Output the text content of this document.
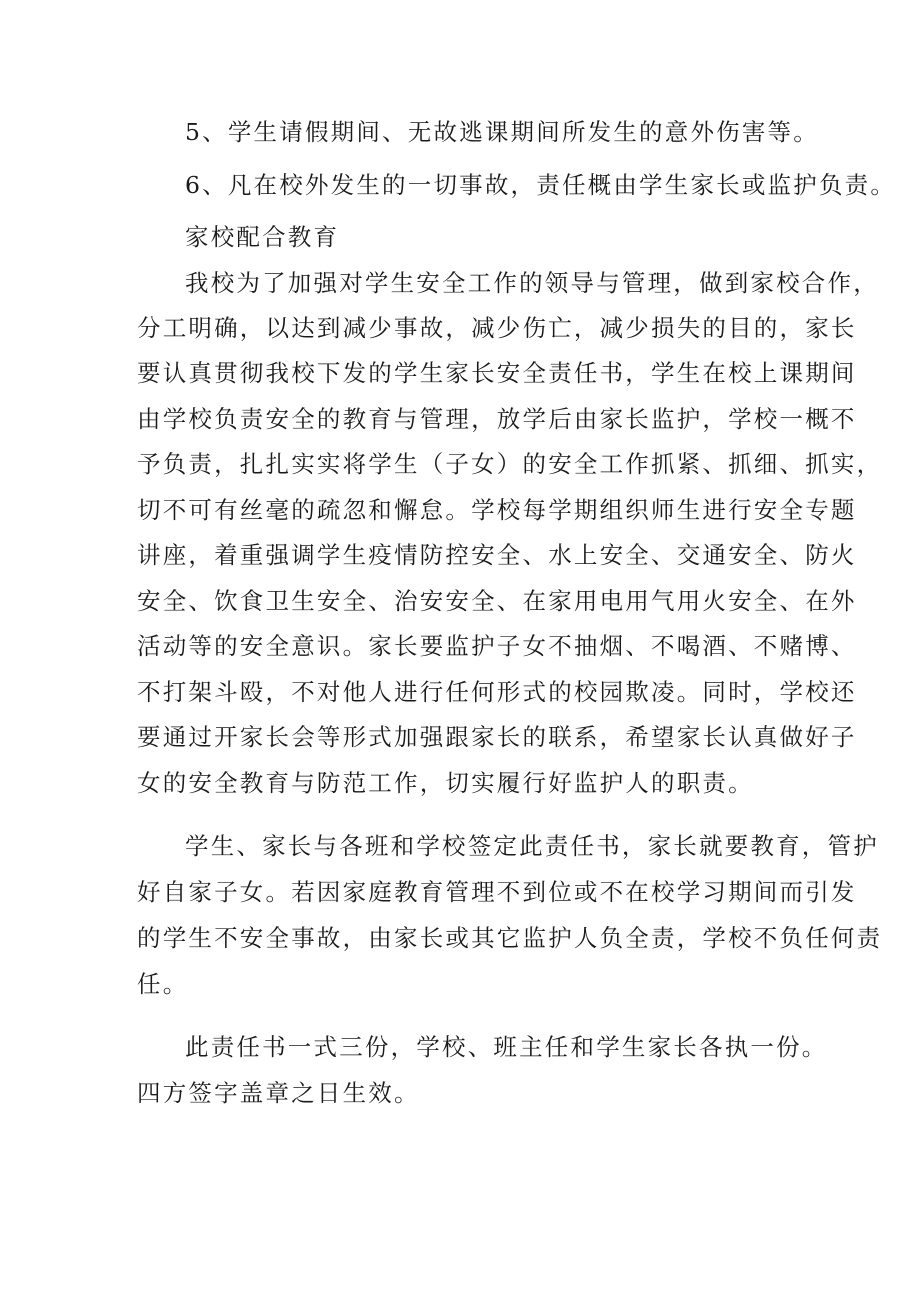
5、学生请假期间、无故逃课期间所发生的意外伤害等。
6、凡在校外发生的一切事故，责任概由学生家长或监护负责。
家校配合教育
我校为了加强对学生安全工作的领导与管理，做到家校合作，
分工明确，以达到减少事故，减少伤亡，减少损失的目的，家长
要认真贯彻我校下发的学生家长安全责任书，学生在校上课期间
由学校负责安全的教育与管理，放学后由家长监护，学校一概不
予负责，扎扎实实将学生（子女）的安全工作抓紧、抓细、抓实，
切不可有丝毫的疏忽和懈怠。学校每学期组织师生进行安全专题
讲座，着重强调学生疫情防控安全、水上安全、交通安全、防火
安全、饮食卫生安全、治安安全、在家用电用气用火安全、在外
活动等的安全意识。家长要监护子女不抽烟、不喝酒、不赌博、
不打架斗殴，不对他人进行任何形式的校园欺凌。同时，学校还
要通过开家长会等形式加强跟家长的联系，希望家长认真做好子
女的安全教育与防范工作，切实履行好监护人的职责。
学生、家长与各班和学校签定此责任书，家长就要教育，管护
好自家子女。若因家庭教育管理不到位或不在校学习期间而引发
的学生不安全事故，由家长或其它监护人负全责，学校不负任何责
任。
此责任书一式三份，学校、班主任和学生家长各执一份。
四方签字盖章之日生效。
